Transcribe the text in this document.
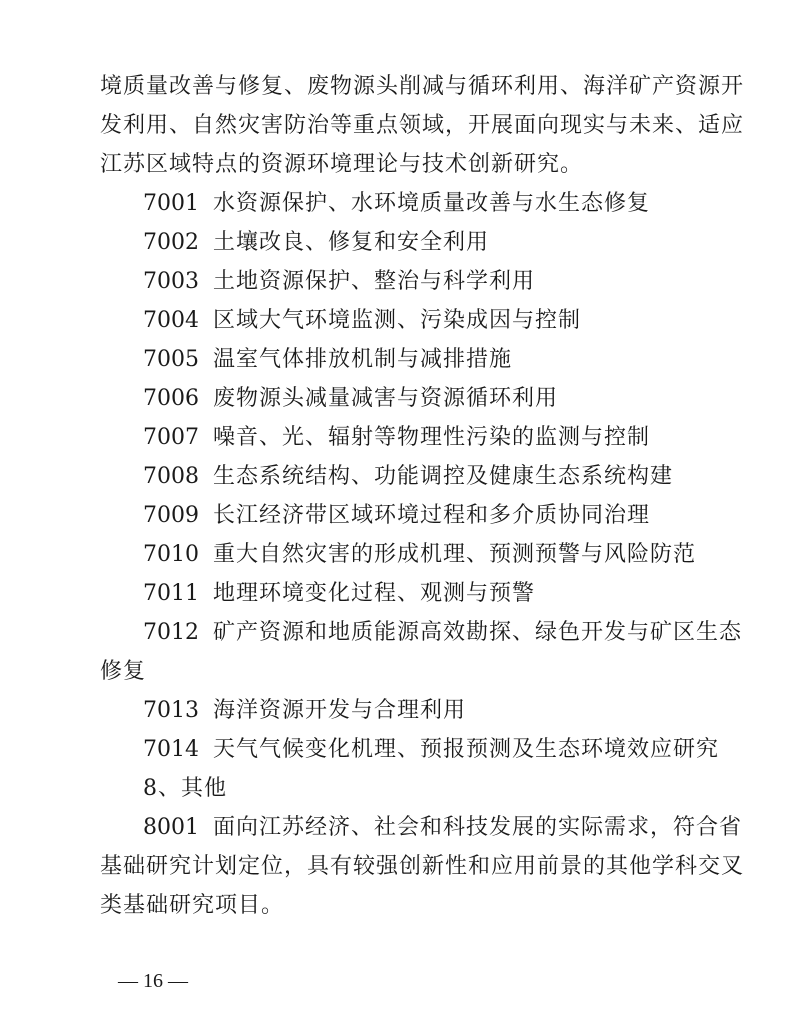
境质量改善与修复、废物源头削减与循环利用、海洋矿产资源开
发利用、自然灾害防治等重点领域，开展面向现实与未来、适应
江苏区域特点的资源环境理论与技术创新研究。
7001 水资源保护、水环境质量改善与水生态修复
7002 土壤改良、修复和安全利用
7003 土地资源保护、整治与科学利用
7004 区域大气环境监测、污染成因与控制
7005 温室气体排放机制与减排措施
7006 废物源头减量减害与资源循环利用
7007 噪音、光、辐射等物理性污染的监测与控制
7008 生态系统结构、功能调控及健康生态系统构建
7009 长江经济带区域环境过程和多介质协同治理
7010 重大自然灾害的形成机理、预测预警与风险防范
7011 地理环境变化过程、观测与预警
7012 矿产资源和地质能源高效勘探、绿色开发与矿区生态
修复
7013 海洋资源开发与合理利用
7014 天气气候变化机理、预报预测及生态环境效应研究
8、其他
8001 面向江苏经济、社会和科技发展的实际需求，符合省
基础研究计划定位，具有较强创新性和应用前景的其他学科交叉
类基础研究项目。
— 16 —
